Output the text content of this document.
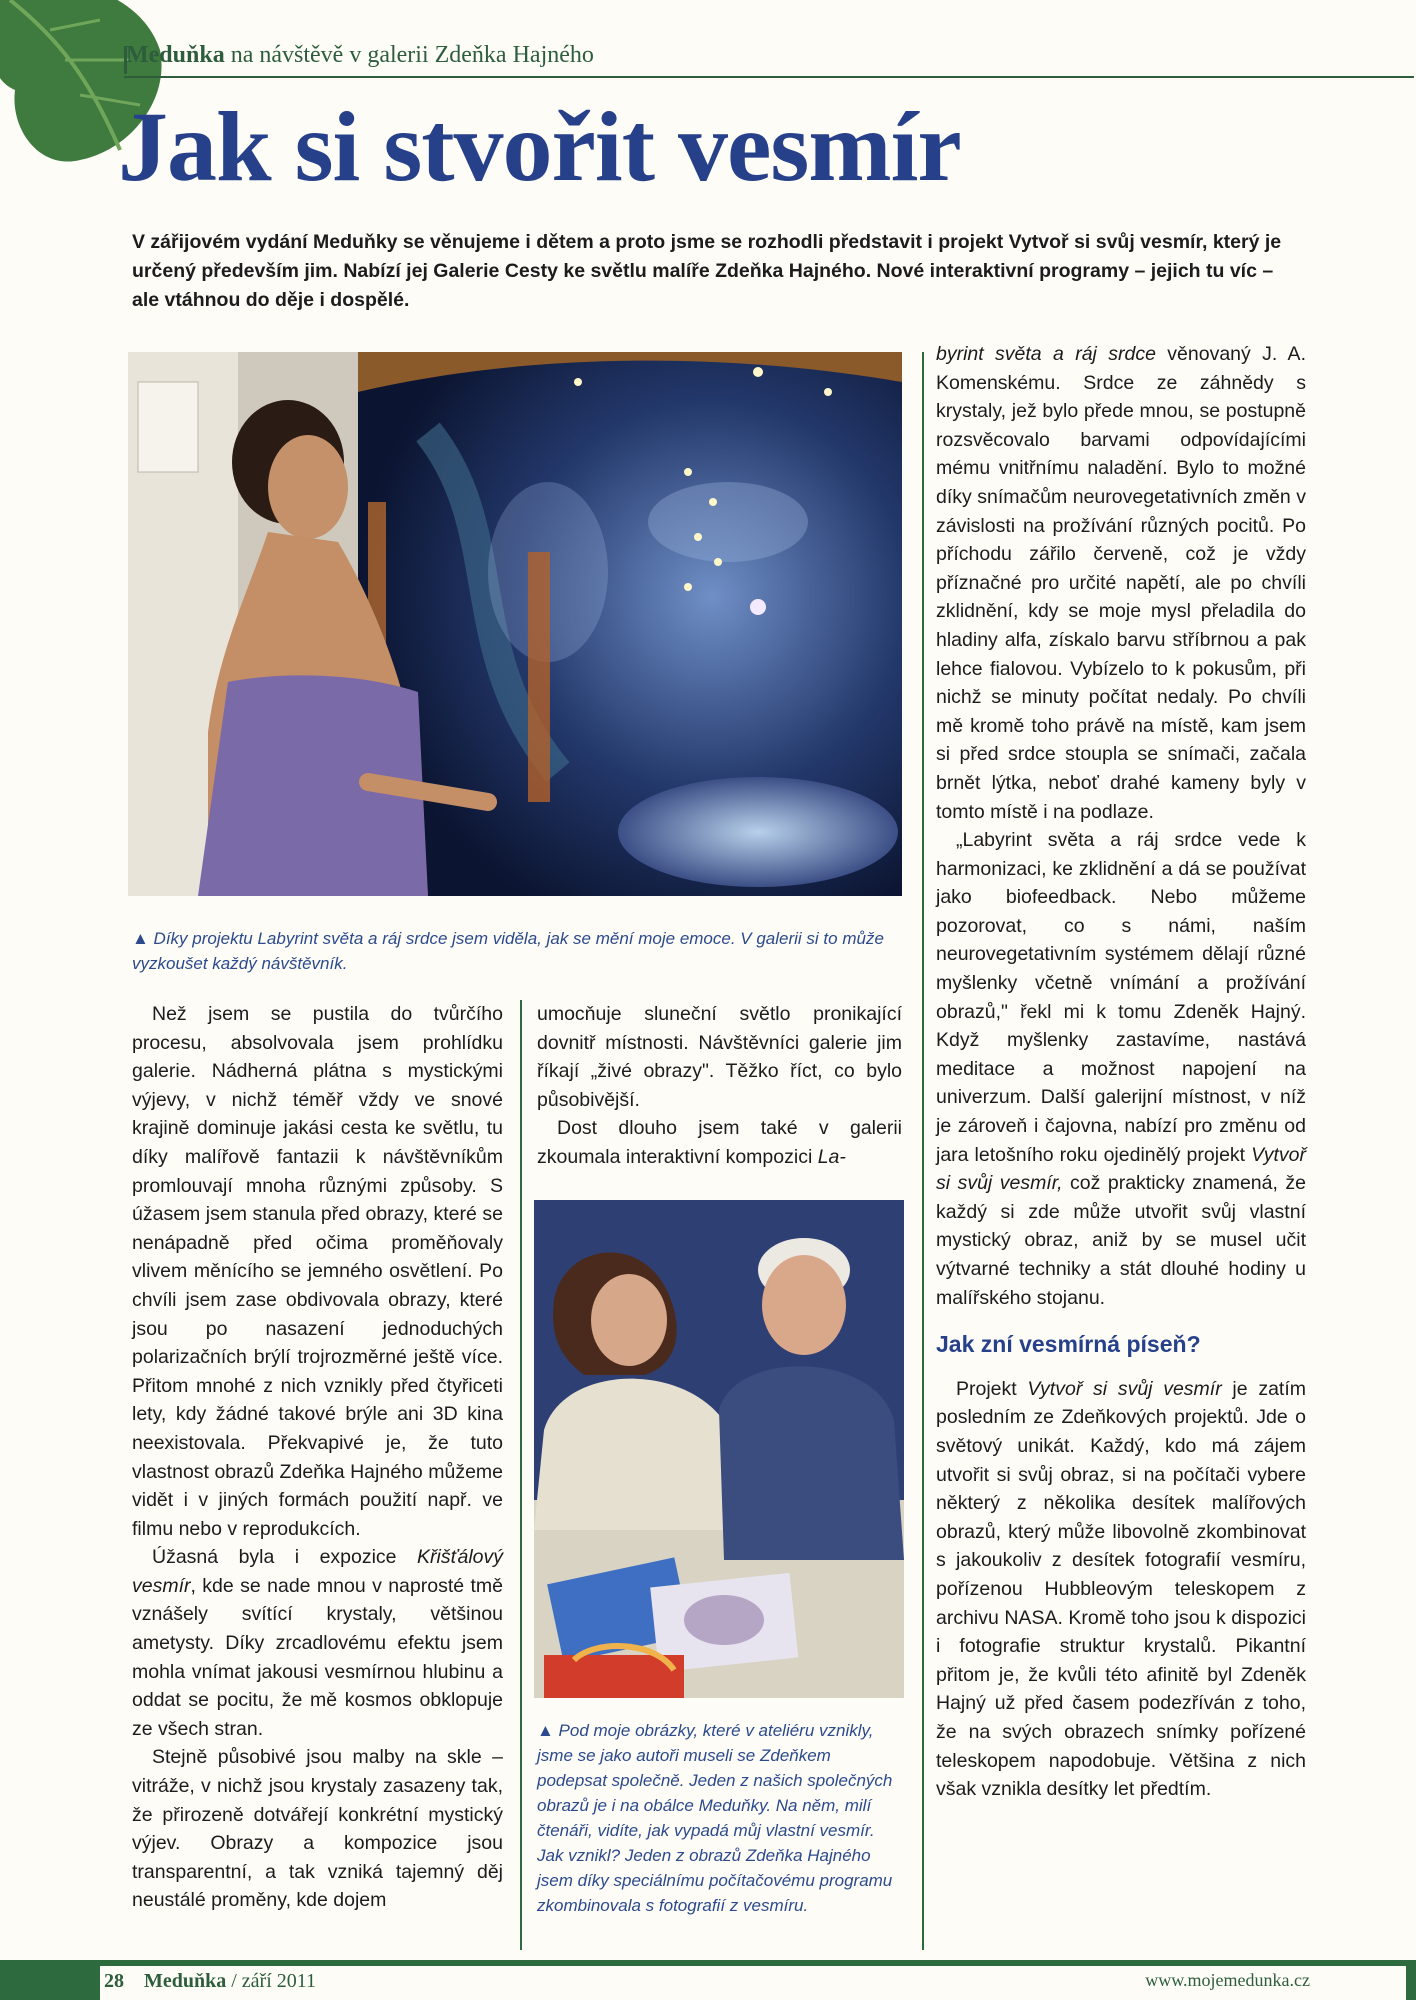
Meduňka na návštěvě v galerii Zdeňka Hajného
Jak si stvořit vesmír
V zářijovém vydání Meduňky se věnujeme i dětem a proto jsme se rozhodli představit i projekt Vytvoř si svůj vesmír, který je určený především jim. Nabízí jej Galerie Cesty ke světlu malíře Zdeňka Hajného. Nové interaktivní programy – jejich tu víc – ale vtáhnou do děje i dospělé.
▲ Díky projektu Labyrint světa a ráj srdce jsem viděla, jak se mění moje emoce. V galerii si to může vyzkoušet každý návštěvník.

Než jsem se pustila do tvůrčího procesu, absolvovala jsem prohlídku galerie. Nádherná plátna s mystickými výjevy, v nichž téměř vždy ve snové krajině dominuje jakási cesta ke světlu, tu díky malířově fantazii k návštěvníkům promlouvají mnoha různými způsoby. S úžasem jsem stanula před obrazy, které se nenápadně před očima proměňovaly vlivem měnícího se jemného osvětlení. Po chvíli jsem zase obdivovala obrazy, které jsou po nasazení jednoduchých polarizačních brýlí trojrozměrné ještě více. Přitom mnohé z nich vznikly před čtyřiceti lety, kdy žádné takové brýle ani 3D kina neexistovala. Překvapivé je, že tuto vlastnost obrazů Zdeňka Hajného můžeme vidět i v jiných formách použití např. ve filmu nebo v reprodukcích.

Úžasná byla i expozice Křišťálový vesmír, kde se nade mnou v naprosté tmě vznášely svítící krystaly, většinou ametysty. Díky zrcadlovému efektu jsem mohla vnímat jakousi vesmírnou hlubinu a oddat se pocitu, že mě kosmos obklopuje ze všech stran.

Stejně působivé jsou malby na skle – vitráže, v nichž jsou krystaly zasazeny tak, že přirozeně dotvářejí konkrétní mystický výjev. Obrazy a kompozice jsou transparentní, a tak vzniká tajemný děj neustálé proměny, kde dojem

umocňuje sluneční světlo pronikající dovnitř místnosti. Návštěvníci galerie jim říkají „živé obrazy". Těžko říct, co bylo působivější.

Dost dlouho jsem také v galerii zkoumala interaktivní kompozici La-

▲ Pod moje obrázky, které v ateliéru vznikly, jsme se jako autoři museli se Zdeňkem podepsat společně. Jeden z našich společných obrazů je i na obálce Meduňky. Na něm, milí čtenáři, vidíte, jak vypadá můj vlastní vesmír. Jak vznikl? Jeden z obrazů Zdeňka Hajného jsem díky speciálnímu počítačovému programu zkombinovala s fotografií z vesmíru.

byrint světa a ráj srdce věnovaný J. A. Komenskému. Srdce ze záhnědy s krystaly, jež bylo přede mnou, se postupně rozsvěcovalo barvami odpovídajícími mému vnitřnímu naladění. Bylo to možné díky snímačům neurovegetativních změn v závislosti na prožívání různých pocitů. Po příchodu zářilo červeně, což je vždy příznačné pro určité napětí, ale po chvíli zklidnění, kdy se moje mysl přeladila do hladiny alfa, získalo barvu stříbrnou a pak lehce fialovou. Vybízelo to k pokusům, při nichž se minuty počítat nedaly. Po chvíli mě kromě toho právě na místě, kam jsem si před srdce stoupla se snímači, začala brnět lýtka, neboť drahé kameny byly v tomto místě i na podlaze.

„Labyrint světa a ráj srdce vede k harmonizaci, ke zklidnění a dá se používat jako biofeedback. Nebo můžeme pozorovat, co s námi, naším neurovegetativním systémem dělají různé myšlenky včetně vnímání a prožívání obrazů," řekl mi k tomu Zdeněk Hajný. Když myšlenky zastavíme, nastává meditace a možnost napojení na univerzum. Další galerijní místnost, v níž je zároveň i čajovna, nabízí pro změnu od jara letošního roku ojedinělý projekt Vytvoř si svůj vesmír, což prakticky znamená, že každý si zde může utvořit svůj vlastní mystický obraz, aniž by se musel učit výtvarné techniky a stát dlouhé hodiny u malířského stojanu.

Jak zní vesmírná píseň?

Projekt Vytvoř si svůj vesmír je zatím posledním ze Zdeňkových projektů. Jde o světový unikát. Každý, kdo má zájem utvořit si svůj obraz, si na počítači vybere některý z několika desítek malířových obrazů, který může libovolně zkombinovat s jakoukoliv z desítek fotografií vesmíru, pořízenou Hubbleovým teleskopem z archivu NASA. Kromě toho jsou k dispozici i fotografie struktur krystalů. Pikantní přitom je, že kvůli této afinitě byl Zdeněk Hajný už před časem podezříván z toho, že na svých obrazech snímky pořízené teleskopem napodobuje. Většina z nich však vznikla desítky let předtím.

28 Meduňka / září 2011	www.mojemedunka.cz
